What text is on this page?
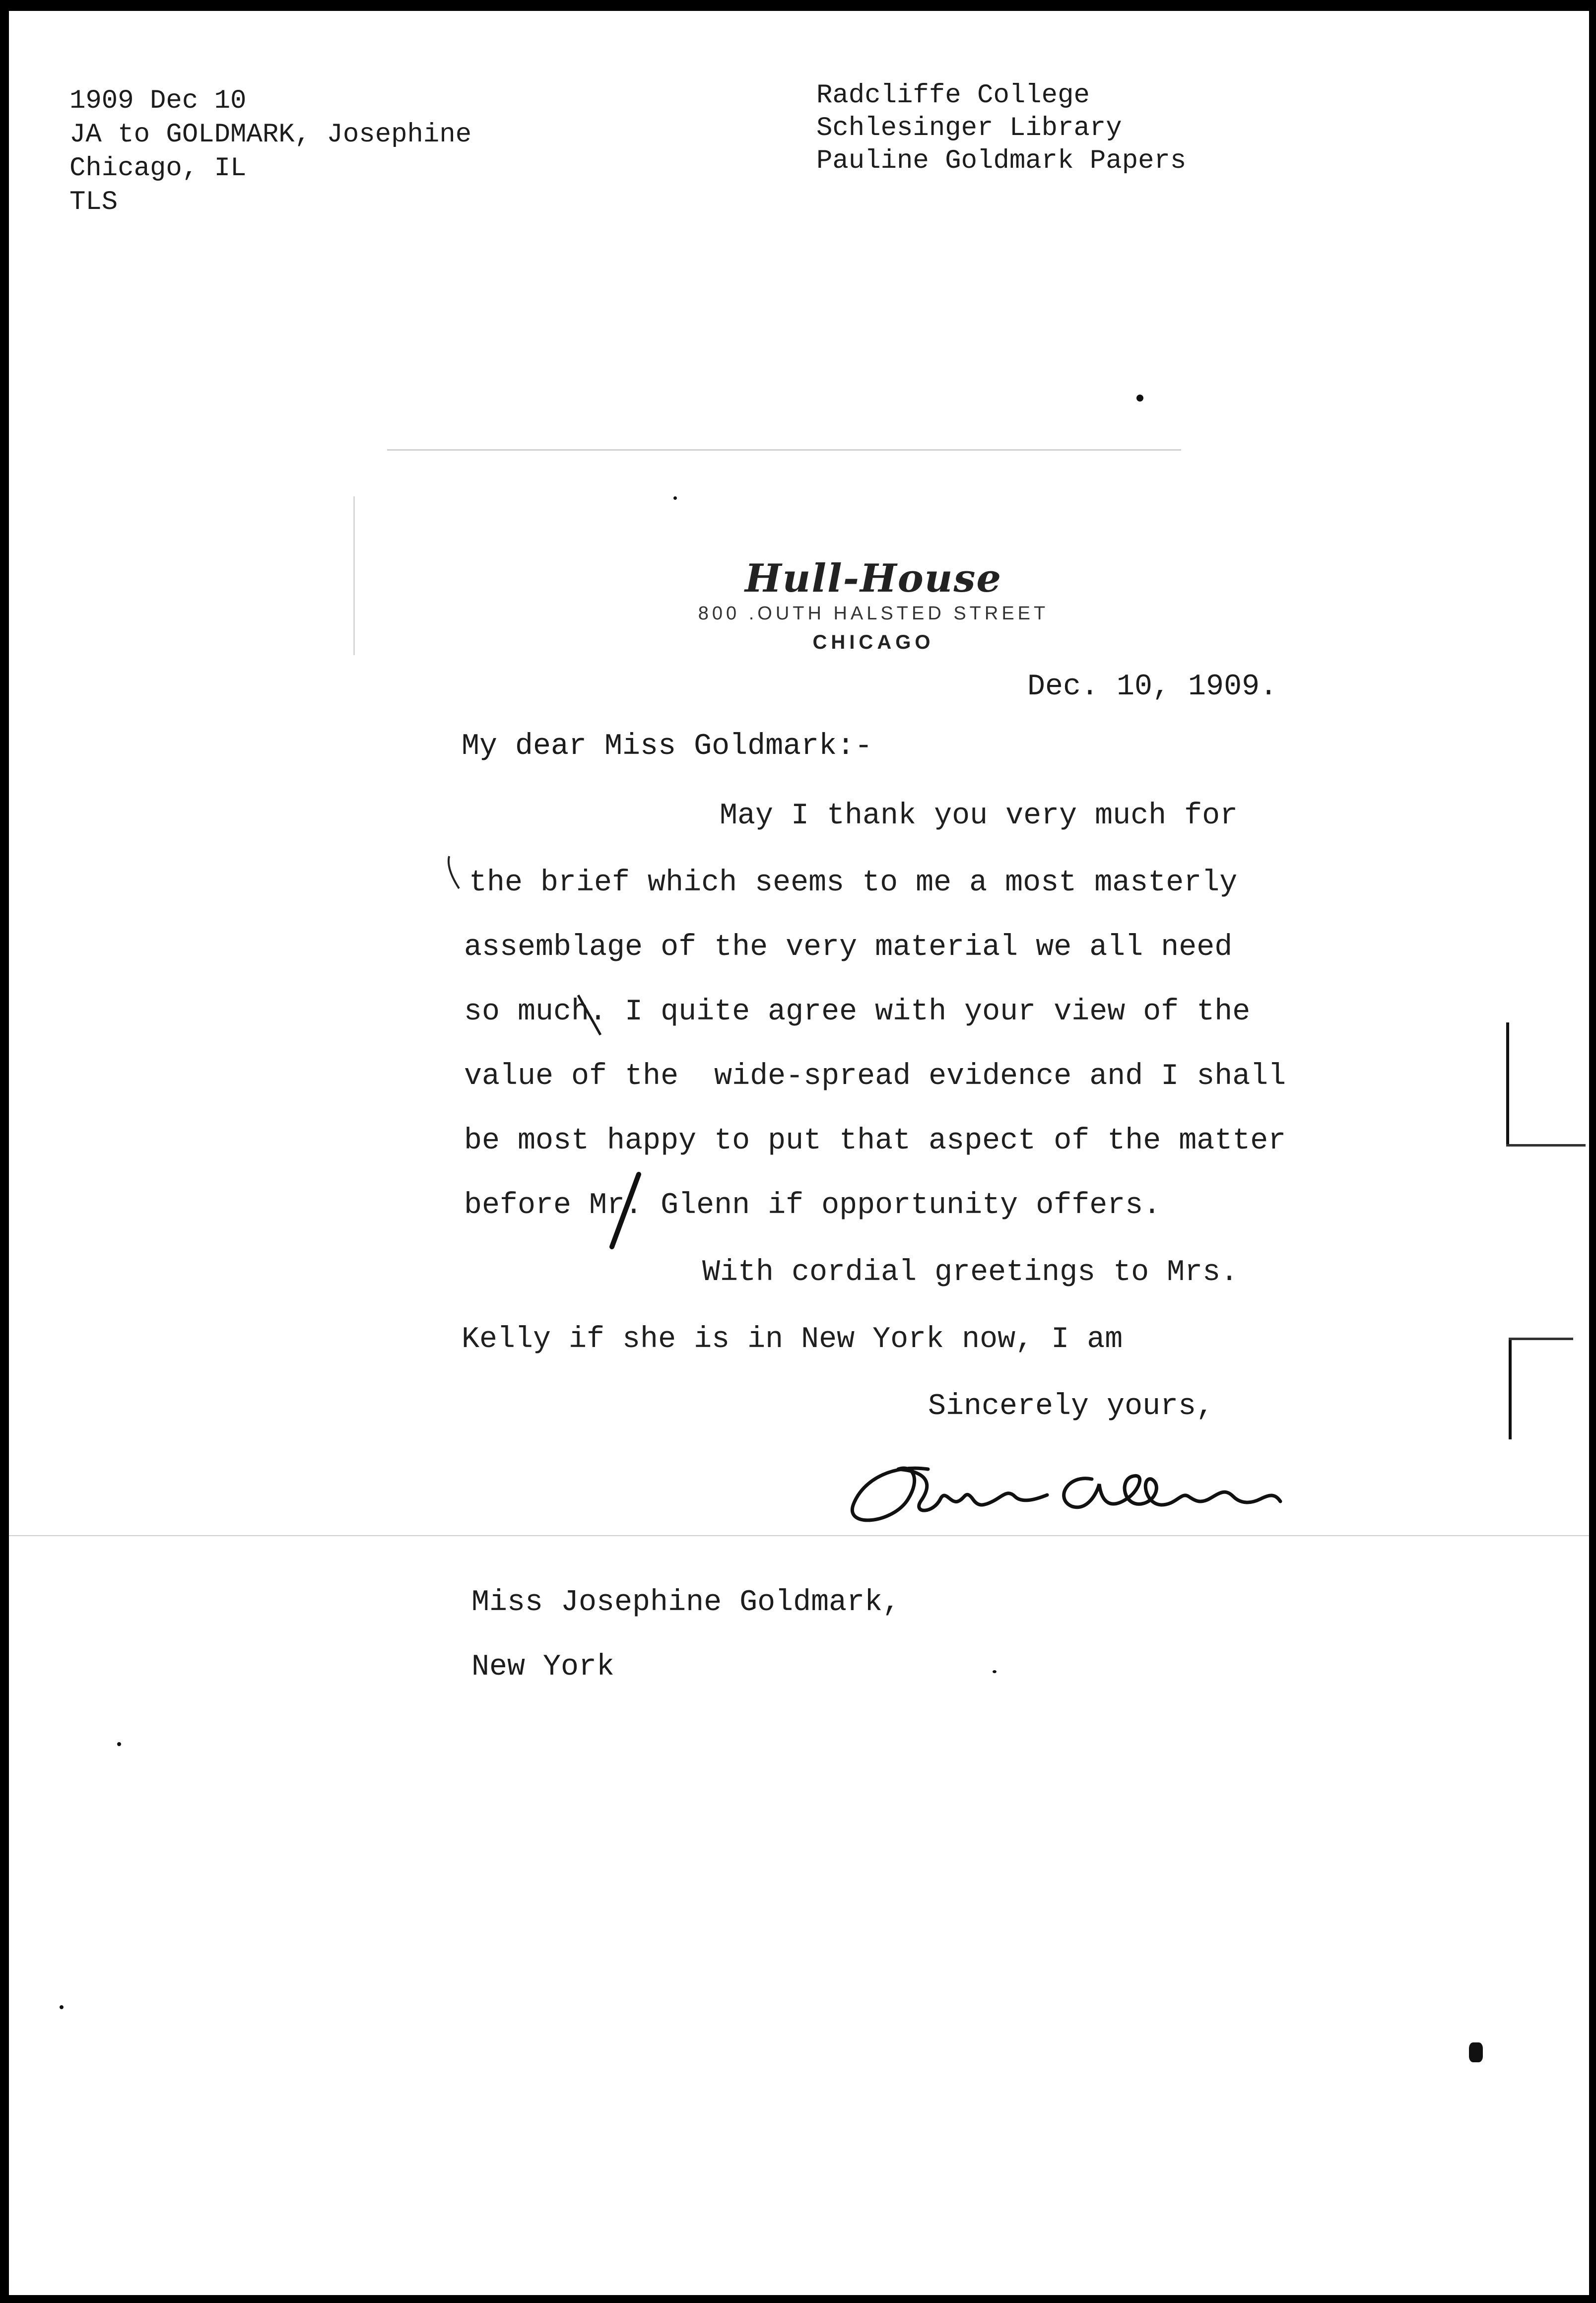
1909 Dec 10
JA to GOLDMARK, Josephine
Chicago, IL
TLS
Radcliffe College
Schlesinger Library
Pauline Goldmark Papers
Hull-House
800 .OUTH HALSTED STREET
CHICAGO
Dec. 10, 1909.
My dear Miss Goldmark:-
May I thank you very much for
the brief which seems to me a most masterly
assemblage of the very material we all need
so much. I quite agree with your view of the
value of the  wide-spread evidence and I shall
be most happy to put that aspect of the matter
before Mr. Glenn if opportunity offers.
With cordial greetings to Mrs.
Kelly if she is in New York now, I am
Sincerely yours,
Miss Josephine Goldmark,
New York
